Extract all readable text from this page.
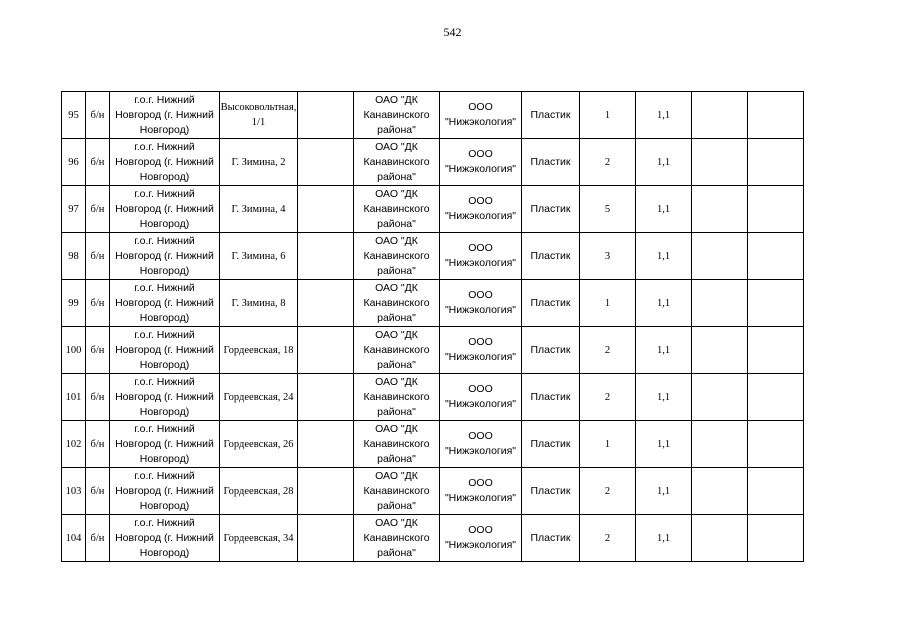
542
95	б/н	г.о.г. Нижний Новгород (г. Нижний Новгород)	Высоковольтная, 1/1		ОАО "ДК Канавинского района"	ООО "Нижэкология"	Пластик	1	1,1		
96	б/н	г.о.г. Нижний Новгород (г. Нижний Новгород)	Г. Зимина, 2		ОАО "ДК Канавинского района"	ООО "Нижэкология"	Пластик	2	1,1		
97	б/н	г.о.г. Нижний Новгород (г. Нижний Новгород)	Г. Зимина, 4		ОАО "ДК Канавинского района"	ООО "Нижэкология"	Пластик	5	1,1		
98	б/н	г.о.г. Нижний Новгород (г. Нижний Новгород)	Г. Зимина, 6		ОАО "ДК Канавинского района"	ООО "Нижэкология"	Пластик	3	1,1		
99	б/н	г.о.г. Нижний Новгород (г. Нижний Новгород)	Г. Зимина, 8		ОАО "ДК Канавинского района"	ООО "Нижэкология"	Пластик	1	1,1		
100	б/н	г.о.г. Нижний Новгород (г. Нижний Новгород)	Гордеевская, 18		ОАО "ДК Канавинского района"	ООО "Нижэкология"	Пластик	2	1,1		
101	б/н	г.о.г. Нижний Новгород (г. Нижний Новгород)	Гордеевская, 24		ОАО "ДК Канавинского района"	ООО "Нижэкология"	Пластик	2	1,1		
102	б/н	г.о.г. Нижний Новгород (г. Нижний Новгород)	Гордеевская, 26		ОАО "ДК Канавинского района"	ООО "Нижэкология"	Пластик	1	1,1		
103	б/н	г.о.г. Нижний Новгород (г. Нижний Новгород)	Гордеевская, 28		ОАО "ДК Канавинского района"	ООО "Нижэкология"	Пластик	2	1,1		
104	б/н	г.о.г. Нижний Новгород (г. Нижний Новгород)	Гордеевская, 34		ОАО "ДК Канавинского района"	ООО "Нижэкология"	Пластик	2	1,1		
